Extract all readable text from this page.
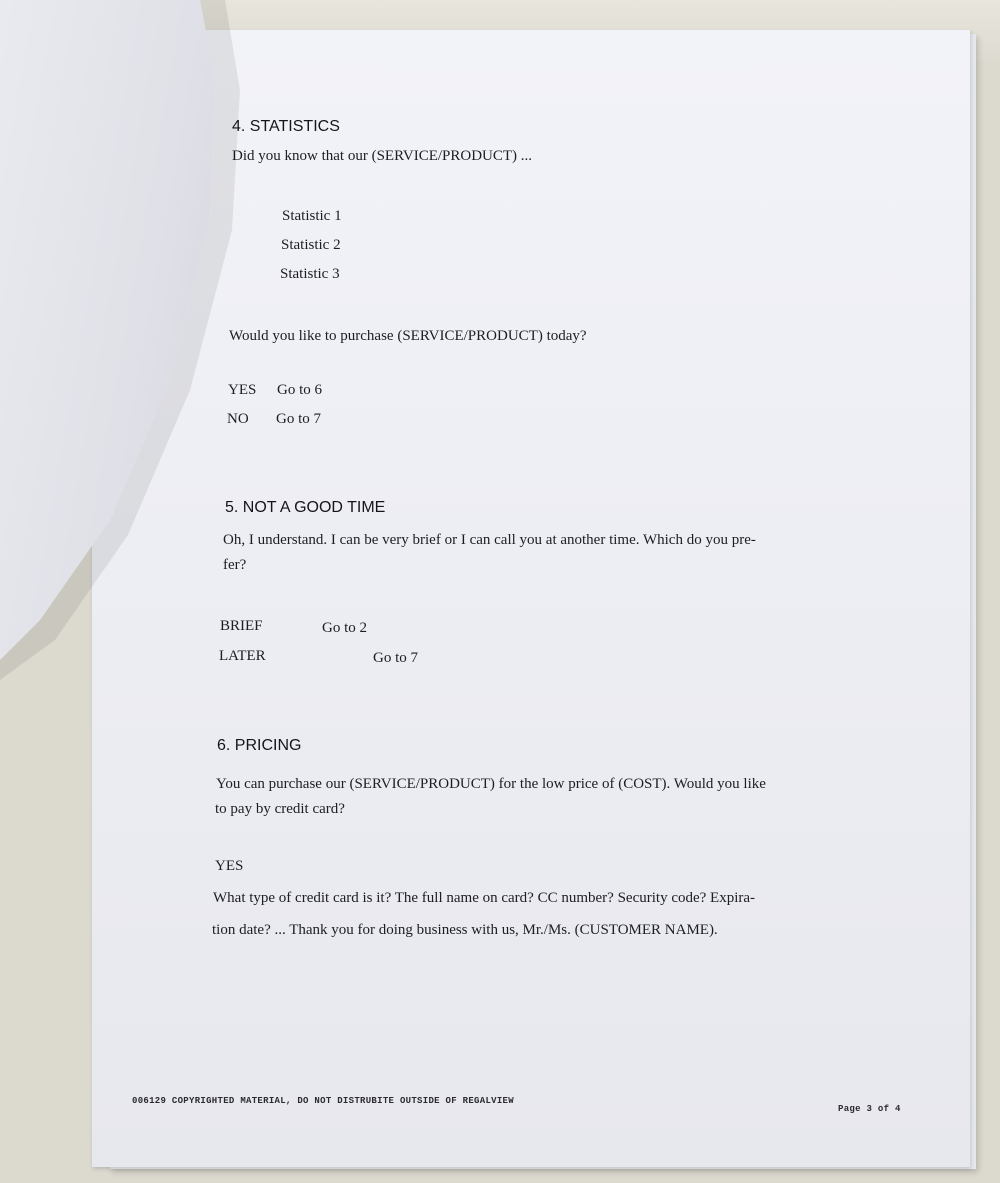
4. STATISTICS
Did you know that our (SERVICE/PRODUCT) ...
Statistic 1
Statistic 2
Statistic 3
Would you like to purchase (SERVICE/PRODUCT) today?
YES Go to 6
NO Go to 7
5. NOT A GOOD TIME
Oh, I understand. I can be very brief or I can call you at another time. Which do you pre-
fer?
BRIEF	Go to 2
LATER	Go to 7
6. PRICING
You can purchase our (SERVICE/PRODUCT) for the low price of (COST). Would you like
to pay by credit card?
YES
What type of credit card is it? The full name on card? CC number? Security code? Expira-
tion date? ... Thank you for doing business with us, Mr./Ms. (CUSTOMER NAME).
006129 COPYRIGHTED MATERIAL, DO NOT DISTRUBITE OUTSIDE OF REGALVIEW
Page 3 of 4
